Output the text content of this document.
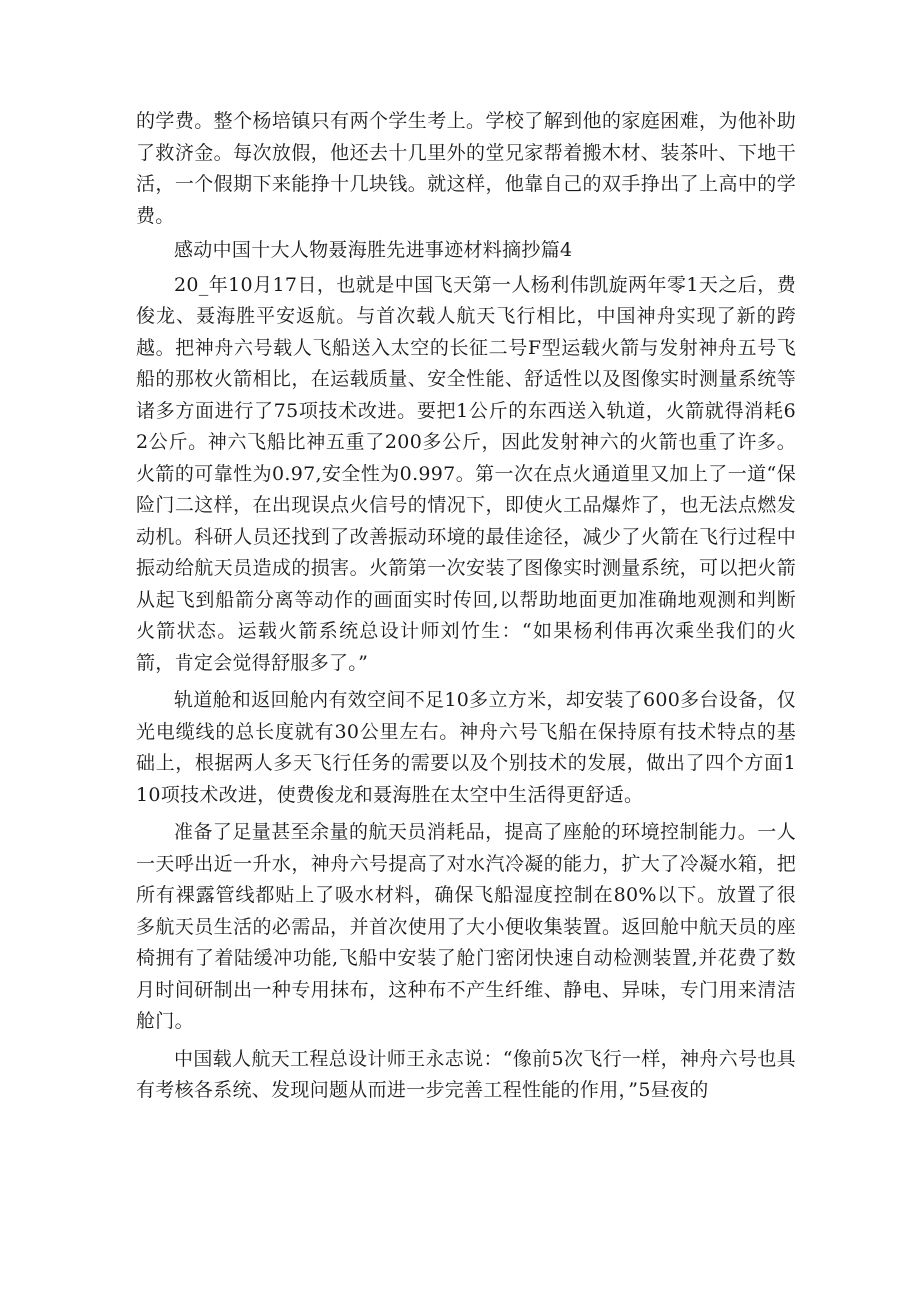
的学费。整个杨培镇只有两个学生考上。学校了解到他的家庭困难，为他补助了救济金。每次放假，他还去十几里外的堂兄家帮着搬木材、装茶叶、下地干活，一个假期下来能挣十几块钱。就这样，他靠自己的双手挣出了上高中的学费。

感动中国十大人物聂海胜先进事迹材料摘抄篇4

20_年10月17日，也就是中国飞天第一人杨利伟凯旋两年零1天之后，费俊龙、聂海胜平安返航。与首次载人航天飞行相比，中国神舟实现了新的跨越。把神舟六号载人飞船送入太空的长征二号F型运载火箭与发射神舟五号飞船的那枚火箭相比，在运载质量、安全性能、舒适性以及图像实时测量系统等诸多方面进行了75项技术改进。要把1公斤的东西送入轨道，火箭就得消耗62公斤。神六飞船比神五重了200多公斤，因此发射神六的火箭也重了许多。火箭的可靠性为0.97,安全性为0.997。第一次在点火通道里又加上了一道“保险门二这样，在出现误点火信号的情况下，即使火工品爆炸了，也无法点燃发动机。科研人员还找到了改善振动环境的最佳途径，减少了火箭在飞行过程中振动给航天员造成的损害。火箭第一次安装了图像实时测量系统，可以把火箭从起飞到船箭分离等动作的画面实时传回,以帮助地面更加准确地观测和判断火箭状态。运载火箭系统总设计师刘竹生：“如果杨利伟再次乘坐我们的火箭，肯定会觉得舒服多了。”

轨道舱和返回舱内有效空间不足10多立方米，却安装了600多台设备，仅光电缆线的总长度就有30公里左右。神舟六号飞船在保持原有技术特点的基础上，根据两人多天飞行任务的需要以及个别技术的发展，做出了四个方面110项技术改进，使费俊龙和聂海胜在太空中生活得更舒适。

准备了足量甚至余量的航天员消耗品，提高了座舱的环境控制能力。一人一天呼出近一升水，神舟六号提高了对水汽冷凝的能力，扩大了冷凝水箱，把所有裸露管线都贴上了吸水材料，确保飞船湿度控制在80%以下。放置了很多航天员生活的必需品，并首次使用了大小便收集装置。返回舱中航天员的座椅拥有了着陆缓冲功能,飞船中安装了舱门密闭快速自动检测装置,并花费了数月时间研制出一种专用抹布，这种布不产生纤维、静电、异味，专门用来清洁舱门。

中国载人航天工程总设计师王永志说：“像前5次飞行一样，神舟六号也具有考核各系统、发现问题从而进一步完善工程性能的作用，”5昼夜的
